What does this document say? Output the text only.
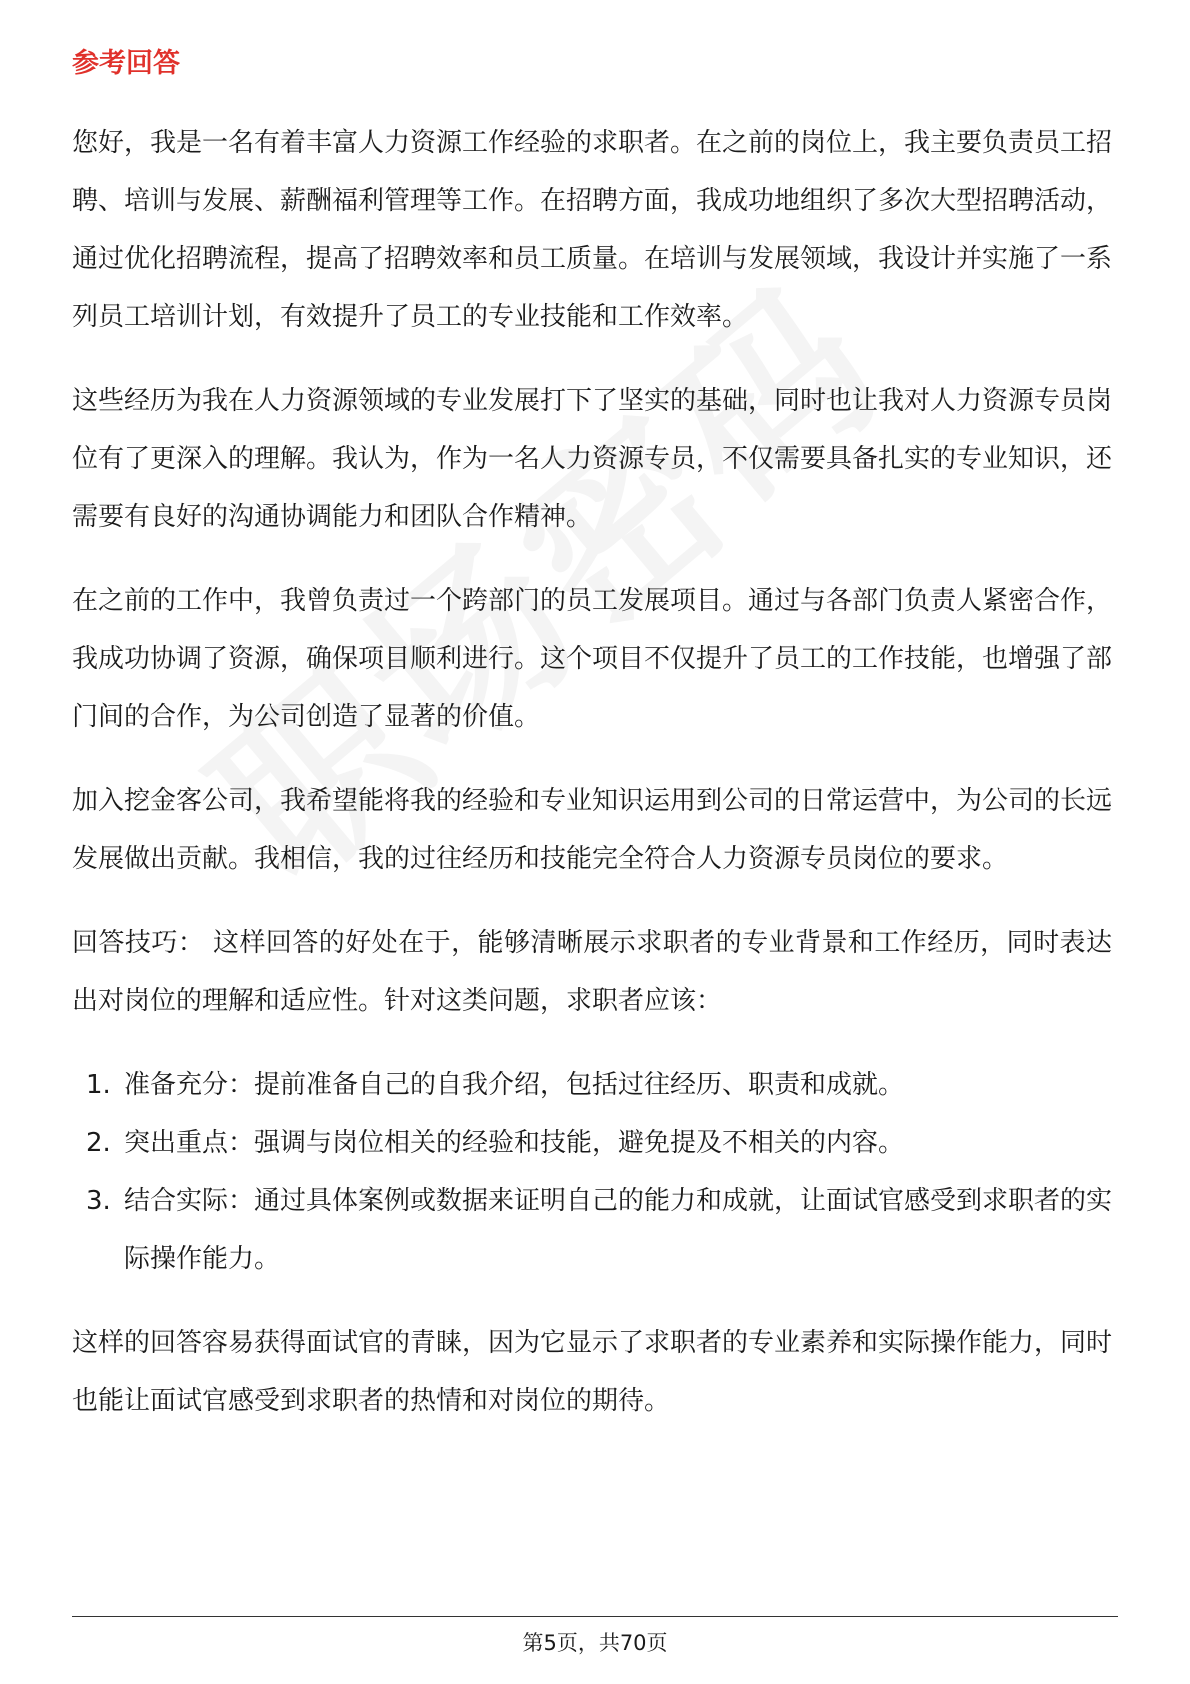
参考回答

您好，我是一名有着丰富人力资源工作经验的求职者。在之前的岗位上，我主要负责员工招聘、培训与发展、薪酬福利管理等工作。在招聘方面，我成功地组织了多次大型招聘活动，通过优化招聘流程，提高了招聘效率和员工质量。在培训与发展领域，我设计并实施了一系列员工培训计划，有效提升了员工的专业技能和工作效率。

这些经历为我在人力资源领域的专业发展打下了坚实的基础，同时也让我对人力资源专员岗位有了更深入的理解。我认为，作为一名人力资源专员，不仅需要具备扎实的专业知识，还需要有良好的沟通协调能力和团队合作精神。

在之前的工作中，我曾负责过一个跨部门的员工发展项目。通过与各部门负责人紧密合作，我成功协调了资源，确保项目顺利进行。这个项目不仅提升了员工的工作技能，也增强了部门间的合作，为公司创造了显著的价值。

加入挖金客公司，我希望能将我的经验和专业知识运用到公司的日常运营中，为公司的长远发展做出贡献。我相信，我的过往经历和技能完全符合人力资源专员岗位的要求。

回答技巧： 这样回答的好处在于，能够清晰展示求职者的专业背景和工作经历，同时表达出对岗位的理解和适应性。针对这类问题，求职者应该：

1. 准备充分：提前准备自己的自我介绍，包括过往经历、职责和成就。
2. 突出重点：强调与岗位相关的经验和技能，避免提及不相关的内容。
3. 结合实际：通过具体案例或数据来证明自己的能力和成就，让面试官感受到求职者的实际操作能力。

这样的回答容易获得面试官的青睐，因为它显示了求职者的专业素养和实际操作能力，同时也能让面试官感受到求职者的热情和对岗位的期待。

第5页，共70页
